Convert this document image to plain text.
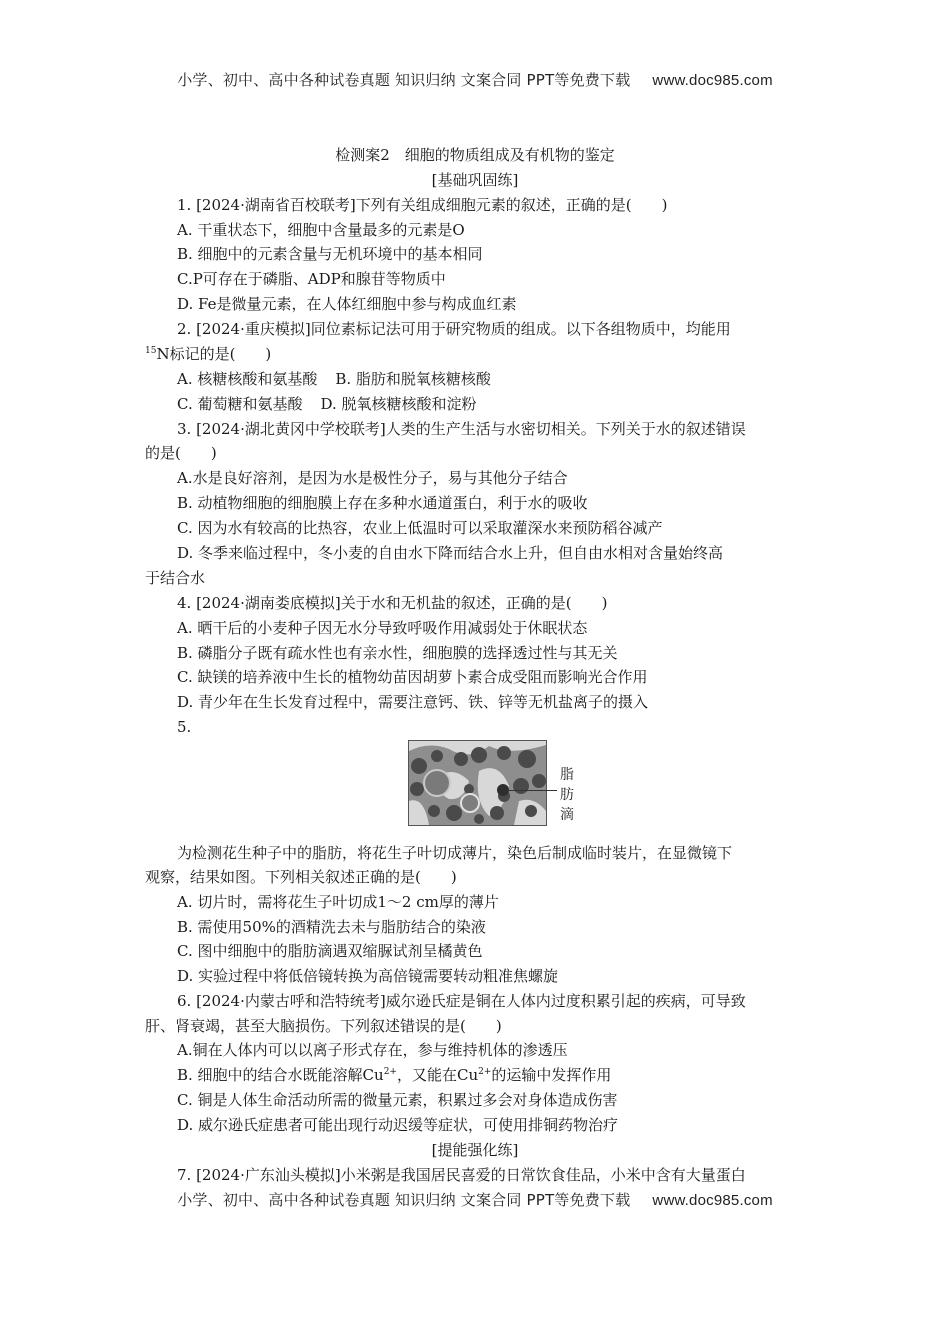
小学、初中、高中各种试卷真题 知识归纳 文案合同 PPT等免费下载 www.doc985.com
检测案2　细胞的物质组成及有机物的鉴定
[基础巩固练]
1. [2024·湖南省百校联考]下列有关组成细胞元素的叙述，正确的是(　　)
A. 干重状态下，细胞中含量最多的元素是O
B. 细胞中的元素含量与无机环境中的基本相同
C.P可存在于磷脂、ADP和腺苷等物质中
D. Fe是微量元素，在人体红细胞中参与构成血红素
2. [2024·重庆模拟]同位素标记法可用于研究物质的组成。以下各组物质中，均能用
$^{15}$N标记的是(　　)
A. 核糖核酸和氨基酸 B. 脂肪和脱氧核糖核酸
C. 葡萄糖和氨基酸 D. 脱氧核糖核酸和淀粉
3. [2024·湖北黄冈中学校联考]人类的生产生活与水密切相关。下列关于水的叙述错误
的是(　　)
A.水是良好溶剂，是因为水是极性分子，易与其他分子结合
B. 动植物细胞的细胞膜上存在多种水通道蛋白，利于水的吸收
C. 因为水有较高的比热容，农业上低温时可以采取灌深水来预防稻谷减产
D. 冬季来临过程中，冬小麦的自由水下降而结合水上升，但自由水相对含量始终高
于结合水
4. [2024·湖南娄底模拟]关于水和无机盐的叙述，正确的是(　　)
A. 晒干后的小麦种子因无水分导致呼吸作用减弱处于休眠状态
B. 磷脂分子既有疏水性也有亲水性，细胞膜的选择透过性与其无关
C. 缺镁的培养液中生长的植物幼苗因胡萝卜素合成受阻而影响光合作用
D. 青少年在生长发育过程中，需要注意钙、铁、锌等无机盐离子的摄入
5.
脂
肪
滴
为检测花生种子中的脂肪，将花生子叶切成薄片，染色后制成临时装片，在显微镜下
观察，结果如图。下列相关叙述正确的是(　　)
A. 切片时，需将花生子叶切成1～2 cm厚的薄片
B. 需使用50%的酒精洗去未与脂肪结合的染液
C. 图中细胞中的脂肪滴遇双缩脲试剂呈橘黄色
D. 实验过程中将低倍镜转换为高倍镜需要转动粗准焦螺旋
6. [2024·内蒙古呼和浩特统考]威尔逊氏症是铜在人体内过度积累引起的疾病，可导致
肝、肾衰竭，甚至大脑损伤。下列叙述错误的是(　　)
A.铜在人体内可以以离子形式存在，参与维持机体的渗透压
B. 细胞中的结合水既能溶解$Cu^{2+}$，又能在$Cu^{2+}$的运输中发挥作用
C. 铜是人体生命活动所需的微量元素，积累过多会对身体造成伤害
D. 威尔逊氏症患者可能出现行动迟缓等症状，可使用排铜药物治疗
[提能强化练]
7. [2024·广东汕头模拟]小米粥是我国居民喜爱的日常饮食佳品，小米中含有大量蛋白
小学、初中、高中各种试卷真题 知识归纳 文案合同 PPT等免费下载 www.doc985.com
